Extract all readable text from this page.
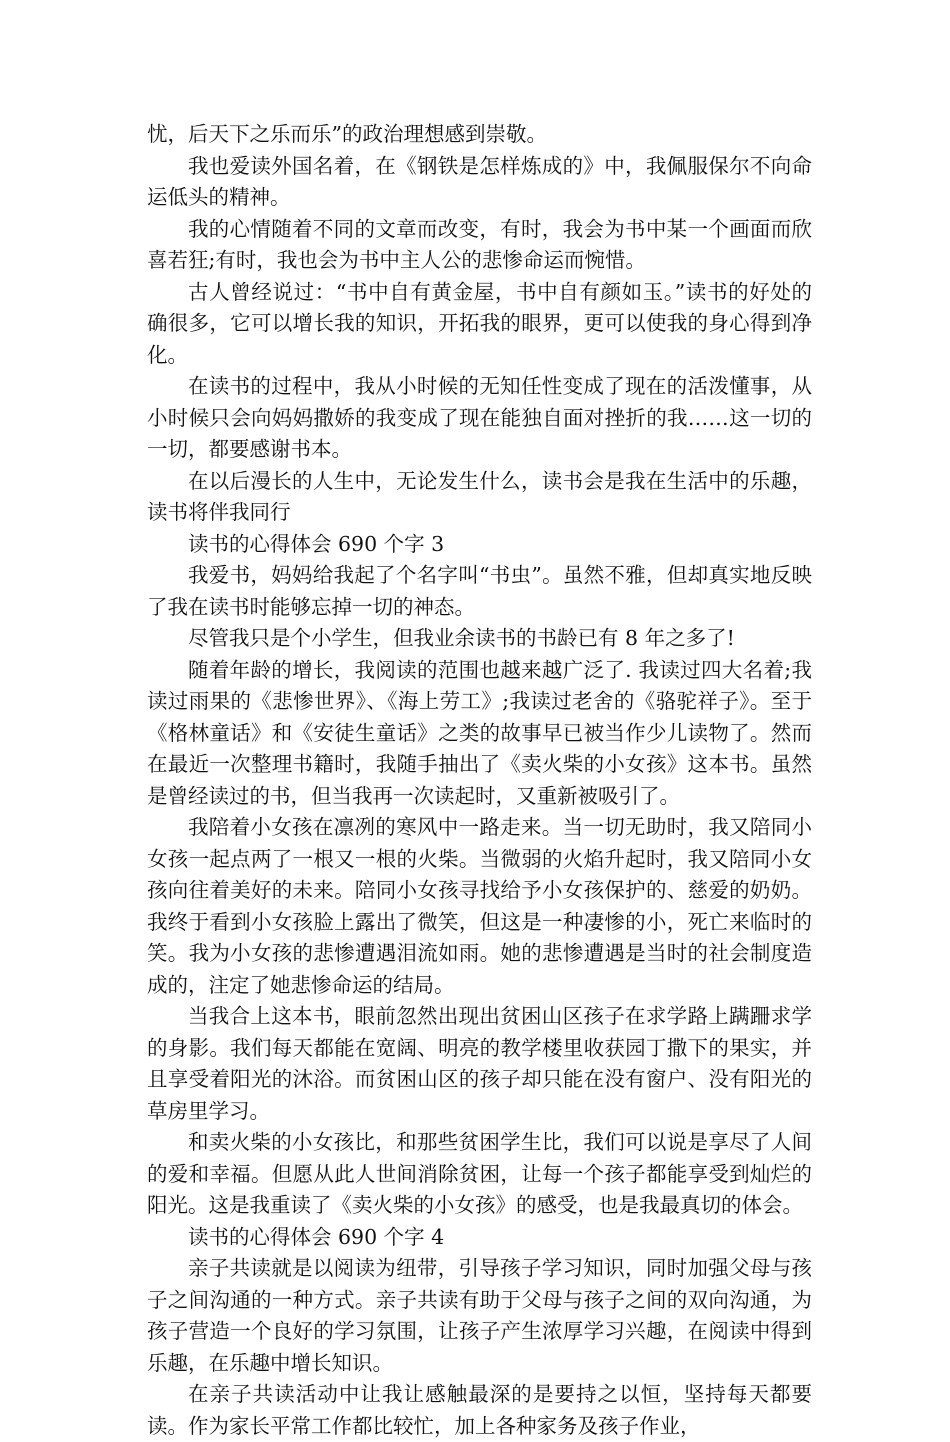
忧，后天下之乐而乐”的政治理想感到崇敬。

我也爱读外国名着，在《钢铁是怎样炼成的》中，我佩服保尔不向命运低头的精神。

我的心情随着不同的文章而改变，有时，我会为书中某一个画面而欣喜若狂;有时，我也会为书中主人公的悲惨命运而惋惜。

古人曾经说过：“书中自有黄金屋，书中自有颜如玉。”读书的好处的确很多，它可以增长我的知识，开拓我的眼界，更可以使我的身心得到净化。

在读书的过程中，我从小时候的无知任性变成了现在的活泼懂事，从小时候只会向妈妈撒娇的我变成了现在能独自面对挫折的我……这一切的一切，都要感谢书本。

在以后漫长的人生中，无论发生什么，读书会是我在生活中的乐趣，读书将伴我同行

读书的心得体会 690 个字 3

我爱书，妈妈给我起了个名字叫“书虫”。虽然不雅，但却真实地反映了我在读书时能够忘掉一切的神态。

尽管我只是个小学生，但我业余读书的书龄已有 8 年之多了!

随着年龄的增长，我阅读的范围也越来越广泛了. 我读过四大名着;我读过雨果的《悲惨世界》、《海上劳工》;我读过老舍的《骆驼祥子》。至于《格林童话》和《安徒生童话》之类的故事早已被当作少儿读物了。然而在最近一次整理书籍时，我随手抽出了《卖火柴的小女孩》这本书。虽然是曾经读过的书，但当我再一次读起时，又重新被吸引了。

我陪着小女孩在凛冽的寒风中一路走来。当一切无助时，我又陪同小女孩一起点两了一根又一根的火柴。当微弱的火焰升起时，我又陪同小女孩向往着美好的未来。陪同小女孩寻找给予小女孩保护的、慈爱的奶奶。我终于看到小女孩脸上露出了微笑，但这是一种凄惨的小，死亡来临时的笑。我为小女孩的悲惨遭遇泪流如雨。她的悲惨遭遇是当时的社会制度造成的，注定了她悲惨命运的结局。

当我合上这本书，眼前忽然出现出贫困山区孩子在求学路上蹒跚求学的身影。我们每天都能在宽阔、明亮的教学楼里收获园丁撒下的果实，并且享受着阳光的沐浴。而贫困山区的孩子却只能在没有窗户、没有阳光的草房里学习。

和卖火柴的小女孩比，和那些贫困学生比，我们可以说是享尽了人间的爱和幸福。但愿从此人世间消除贫困，让每一个孩子都能享受到灿烂的阳光。这是我重读了《卖火柴的小女孩》的感受，也是我最真切的体会。

读书的心得体会 690 个字 4

亲子共读就是以阅读为纽带，引导孩子学习知识，同时加强父母与孩子之间沟通的一种方式。亲子共读有助于父母与孩子之间的双向沟通，为孩子营造一个良好的学习氛围，让孩子产生浓厚学习兴趣，在阅读中得到乐趣，在乐趣中增长知识。

在亲子共读活动中让我让感触最深的是要持之以恒，坚持每天都要读。作为家长平常工作都比较忙，加上各种家务及孩子作业，
